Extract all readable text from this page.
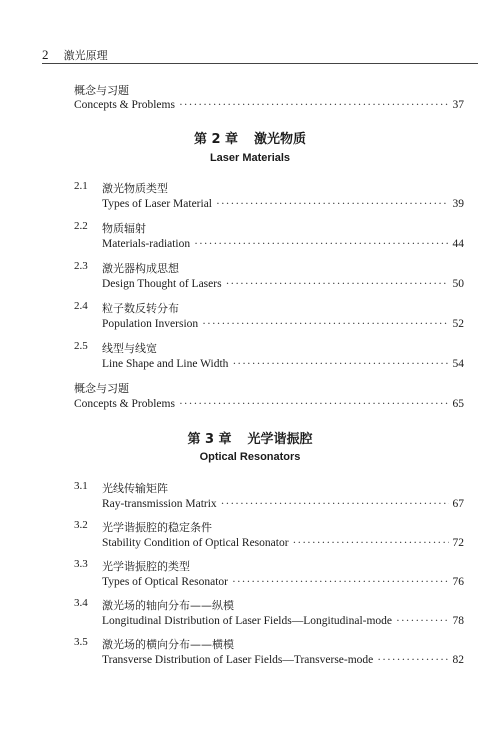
2 激光原理
概念与习题
Concepts & Problems ·····	37
第 2 章 激光物质
Laser Materials
2.1 激光物质类型
Types of Laser Material ·····	39
2.2 物质辐射
Materials-radiation ·····	44
2.3 激光器构成思想
Design Thought of Lasers ·····	50
2.4 粒子数反转分布
Population Inversion ·····	52
2.5 线型与线宽
Line Shape and Line Width ·····	54
概念与习题
Concepts & Problems ·····	65
第 3 章 光学谐振腔
Optical Resonators
3.1 光线传输矩阵
Ray-transmission Matrix ·····	67
3.2 光学谐振腔的稳定条件
Stability Condition of Optical Resonator ·····	72
3.3 光学谐振腔的类型
Types of Optical Resonator ·····	76
3.4 激光场的轴向分布——纵模
Longitudinal Distribution of Laser Fields—Longitudinal-mode ·····	78
3.5 激光场的横向分布——横模
Transverse Distribution of Laser Fields—Transverse-mode ·····	82
